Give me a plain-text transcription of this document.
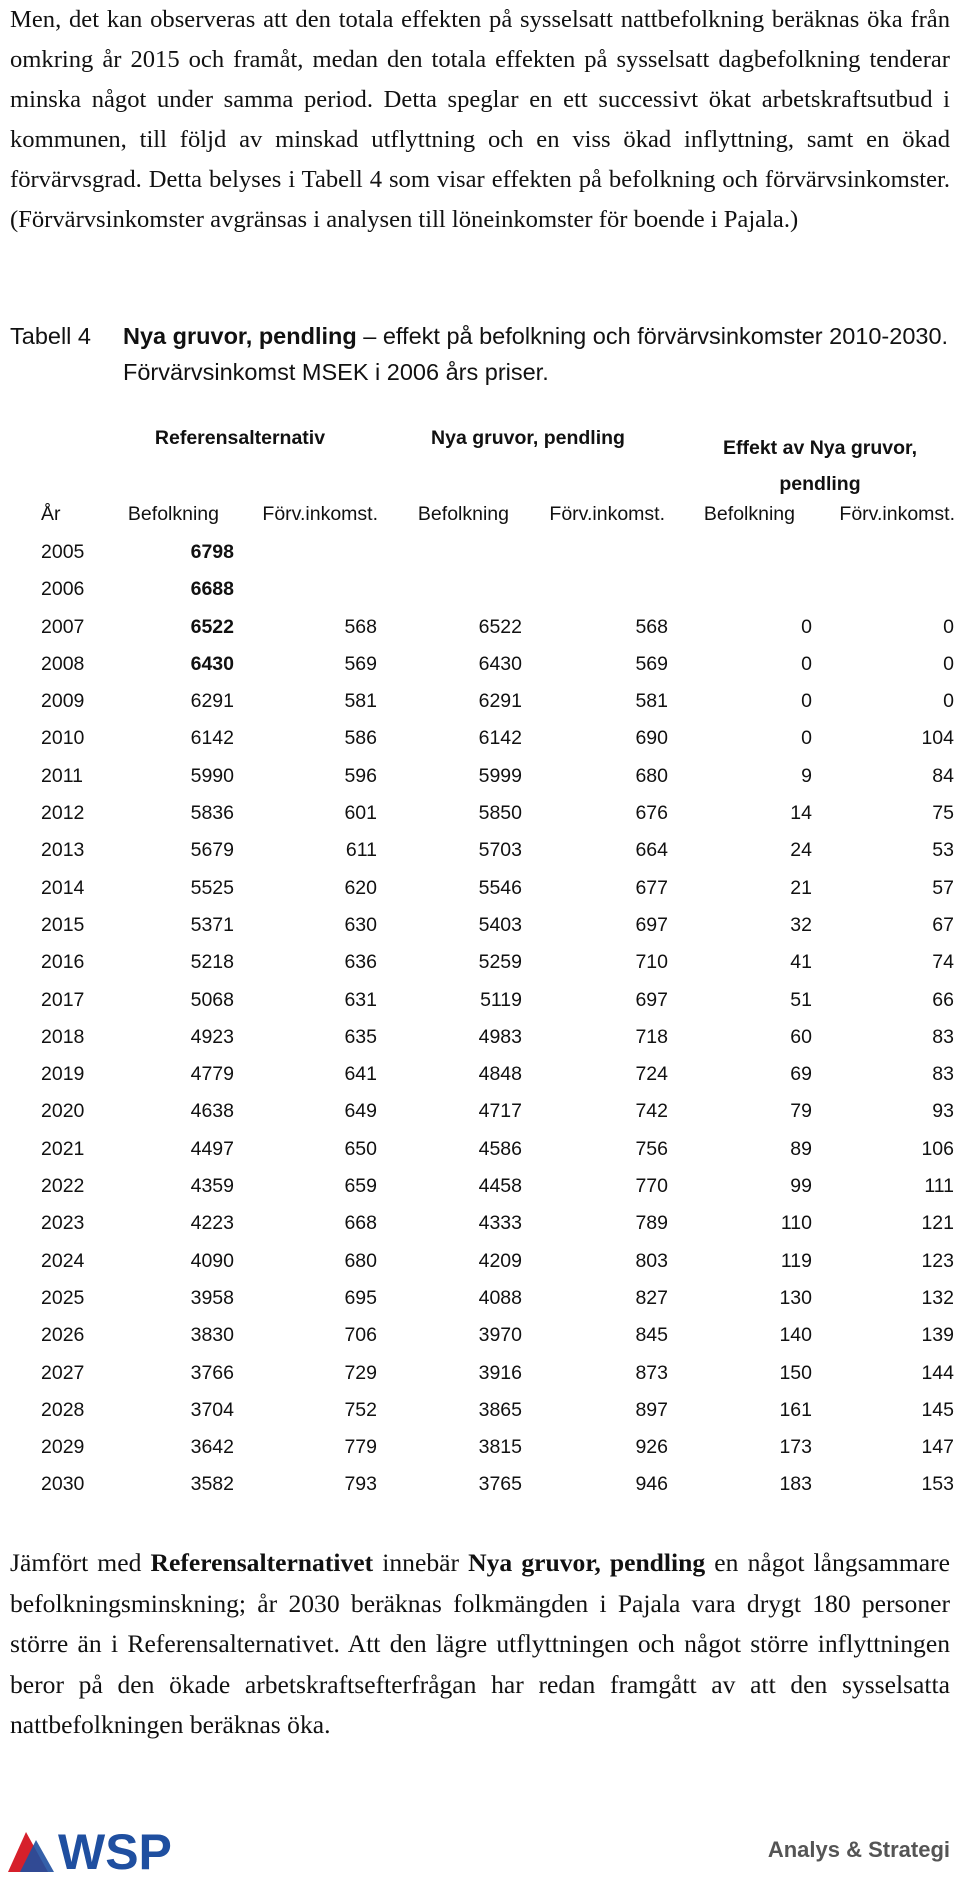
Men, det kan observeras att den totala effekten på sysselsatt nattbefolkning beräknas öka från omkring år 2015 och framåt, medan den totala effekten på sysselsatt dagbefolkning tenderar minska något under samma period. Detta speglar en ett successivt ökat arbetskraftsutbud i kommunen, till följd av minskad utflyttning och en viss ökad inflyttning, samt en ökad förvärvsgrad. Detta belyses i Tabell 4 som visar effekten på befolkning och förvärvsinkomster. (Förvärvsinkomster avgränsas i analysen till löneinkomster för boende i Pajala.)

Tabell 4 Nya gruvor, pendling – effekt på befolkning och förvärvsinkomster 2010-2030. Förvärvsinkomst MSEK i 2006 års priser.
Referensalternativ	Nya gruvor, pendling	Effekt av Nya gruvor, pendling
År	Befolkning Förv.inkomst. Befolkning Förv.inkomst. Befolkning Förv.inkomst.
2005	6798
2006	6688
2007	6522	568	6522	568	0	0
2008	6430	569	6430	569	0	0
2009	6291	581	6291	581	0	0
2010	6142	586	6142	690	0	104
2011	5990	596	5999	680	9	84
2012	5836	601	5850	676	14	75
2013	5679	611	5703	664	24	53
2014	5525	620	5546	677	21	57
2015	5371	630	5403	697	32	67
2016	5218	636	5259	710	41	74
2017	5068	631	5119	697	51	66
2018	4923	635	4983	718	60	83
2019	4779	641	4848	724	69	83
2020	4638	649	4717	742	79	93
2021	4497	650	4586	756	89	106
2022	4359	659	4458	770	99	111
2023	4223	668	4333	789	110	121
2024	4090	680	4209	803	119	123
2025	3958	695	4088	827	130	132
2026	3830	706	3970	845	140	139
2027	3766	729	3916	873	150	144
2028	3704	752	3865	897	161	145
2029	3642	779	3815	926	173	147
2030	3582	793	3765	946	183	153

Jämfört med Referensalternativet innebär Nya gruvor, pendling en något långsammare befolkningsminskning; år 2030 beräknas folkmängden i Pajala vara drygt 180 personer större än i Referensalternativet. Att den lägre utflyttningen och något större inflyttningen beror på den ökade arbetskraftsefterfrågan har redan framgått av att den sysselsatta nattbefolkningen beräknas öka.

WSP	Analys & Strategi
